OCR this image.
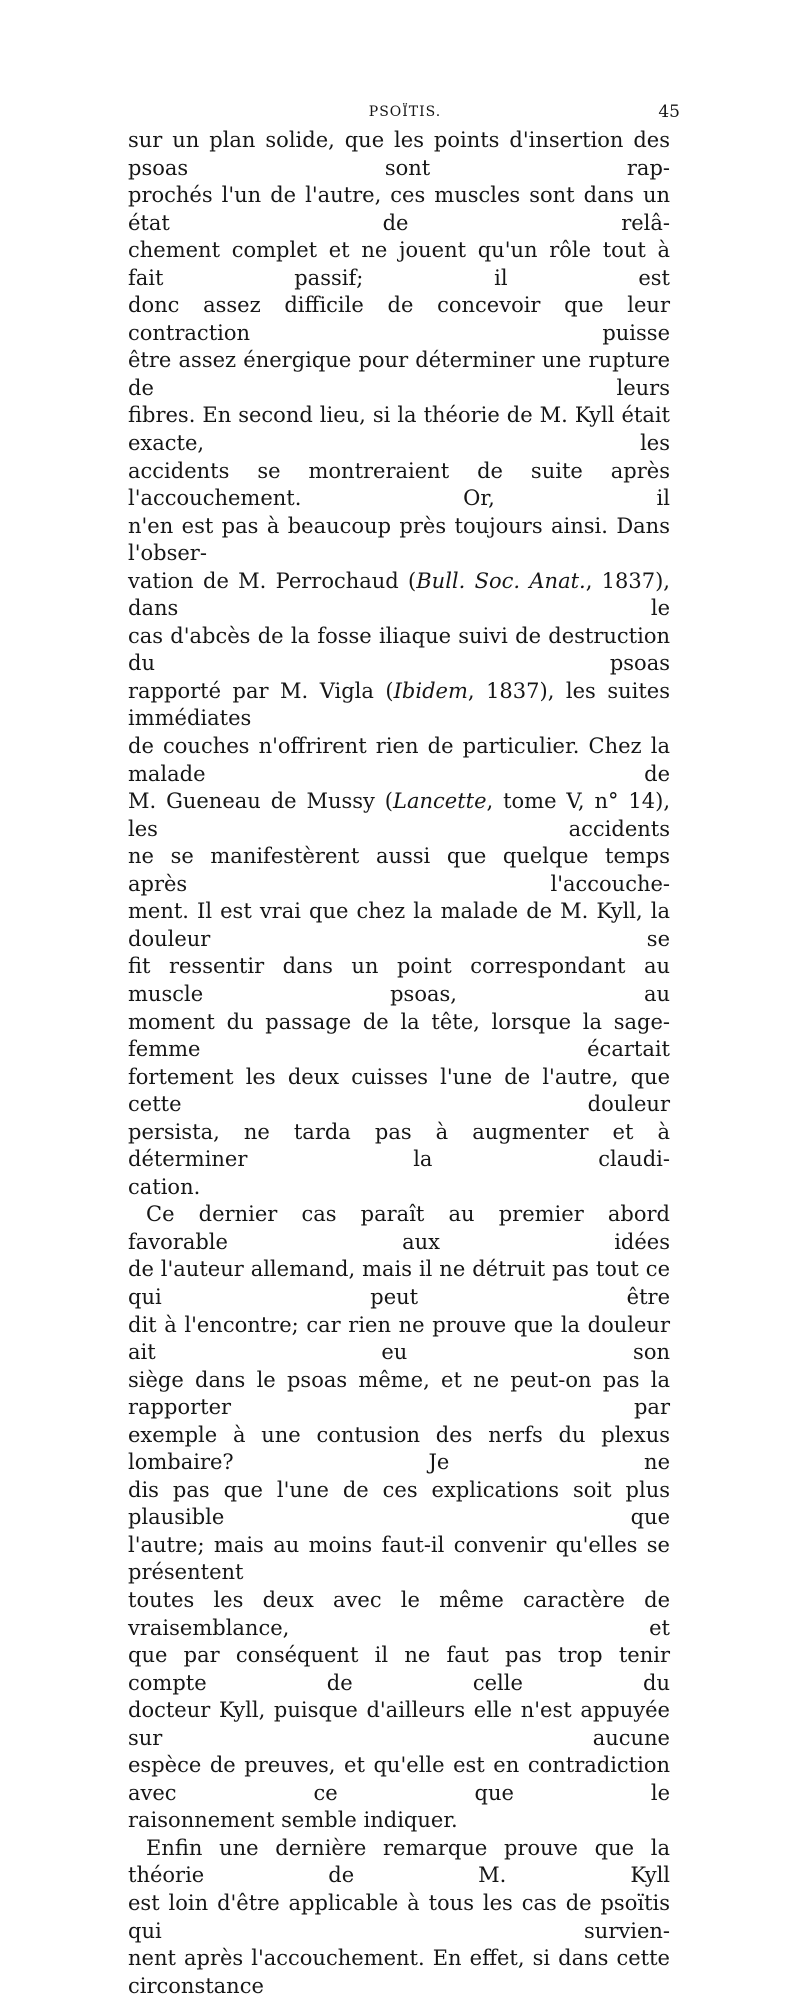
PSOÏTIS.	45

sur un plan solide, que les points d'insertion des psoas sont rap-

prochés l'un de l'autre, ces muscles sont dans un état de relâ-

chement complet et ne jouent qu'un rôle tout à fait passif; il est

donc assez difficile de concevoir que leur contraction puisse

être assez énergique pour déterminer une rupture de leurs

fibres. En second lieu, si la théorie de M. Kyll était exacte, les

accidents se montreraient de suite après l'accouchement. Or, il

n'en est pas à beaucoup près toujours ainsi. Dans l'obser-

vation de M. Perrochaud (Bull. Soc. Anat., 1837), dans le

cas d'abcès de la fosse iliaque suivi de destruction du psoas

rapporté par M. Vigla (Ibidem, 1837), les suites immédiates

de couches n'offrirent rien de particulier. Chez la malade de

M. Gueneau de Mussy (Lancette, tome V, n° 14), les accidents

ne se manifestèrent aussi que quelque temps après l'accouche-

ment. Il est vrai que chez la malade de M. Kyll, la douleur se

fit ressentir dans un point correspondant au muscle psoas, au

moment du passage de la tête, lorsque la sage-femme écartait

fortement les deux cuisses l'une de l'autre, que cette douleur

persista, ne tarda pas à augmenter et à déterminer la claudi-

cation.

Ce dernier cas paraît au premier abord favorable aux idées

de l'auteur allemand, mais il ne détruit pas tout ce qui peut être

dit à l'encontre; car rien ne prouve que la douleur ait eu son

siège dans le psoas même, et ne peut-on pas la rapporter par

exemple à une contusion des nerfs du plexus lombaire? Je ne

dis pas que l'une de ces explications soit plus plausible que

l'autre; mais au moins faut-il convenir qu'elles se présentent

toutes les deux avec le même caractère de vraisemblance, et

que par conséquent il ne faut pas trop tenir compte de celle du

docteur Kyll, puisque d'ailleurs elle n'est appuyée sur aucune

espèce de preuves, et qu'elle est en contradiction avec ce que le

raisonnement semble indiquer.

Enfin une dernière remarque prouve que la théorie de M. Kyll

est loin d'être applicable à tous les cas de psoïtis qui survien-

nent après l'accouchement. En effet, si dans cette circonstance
